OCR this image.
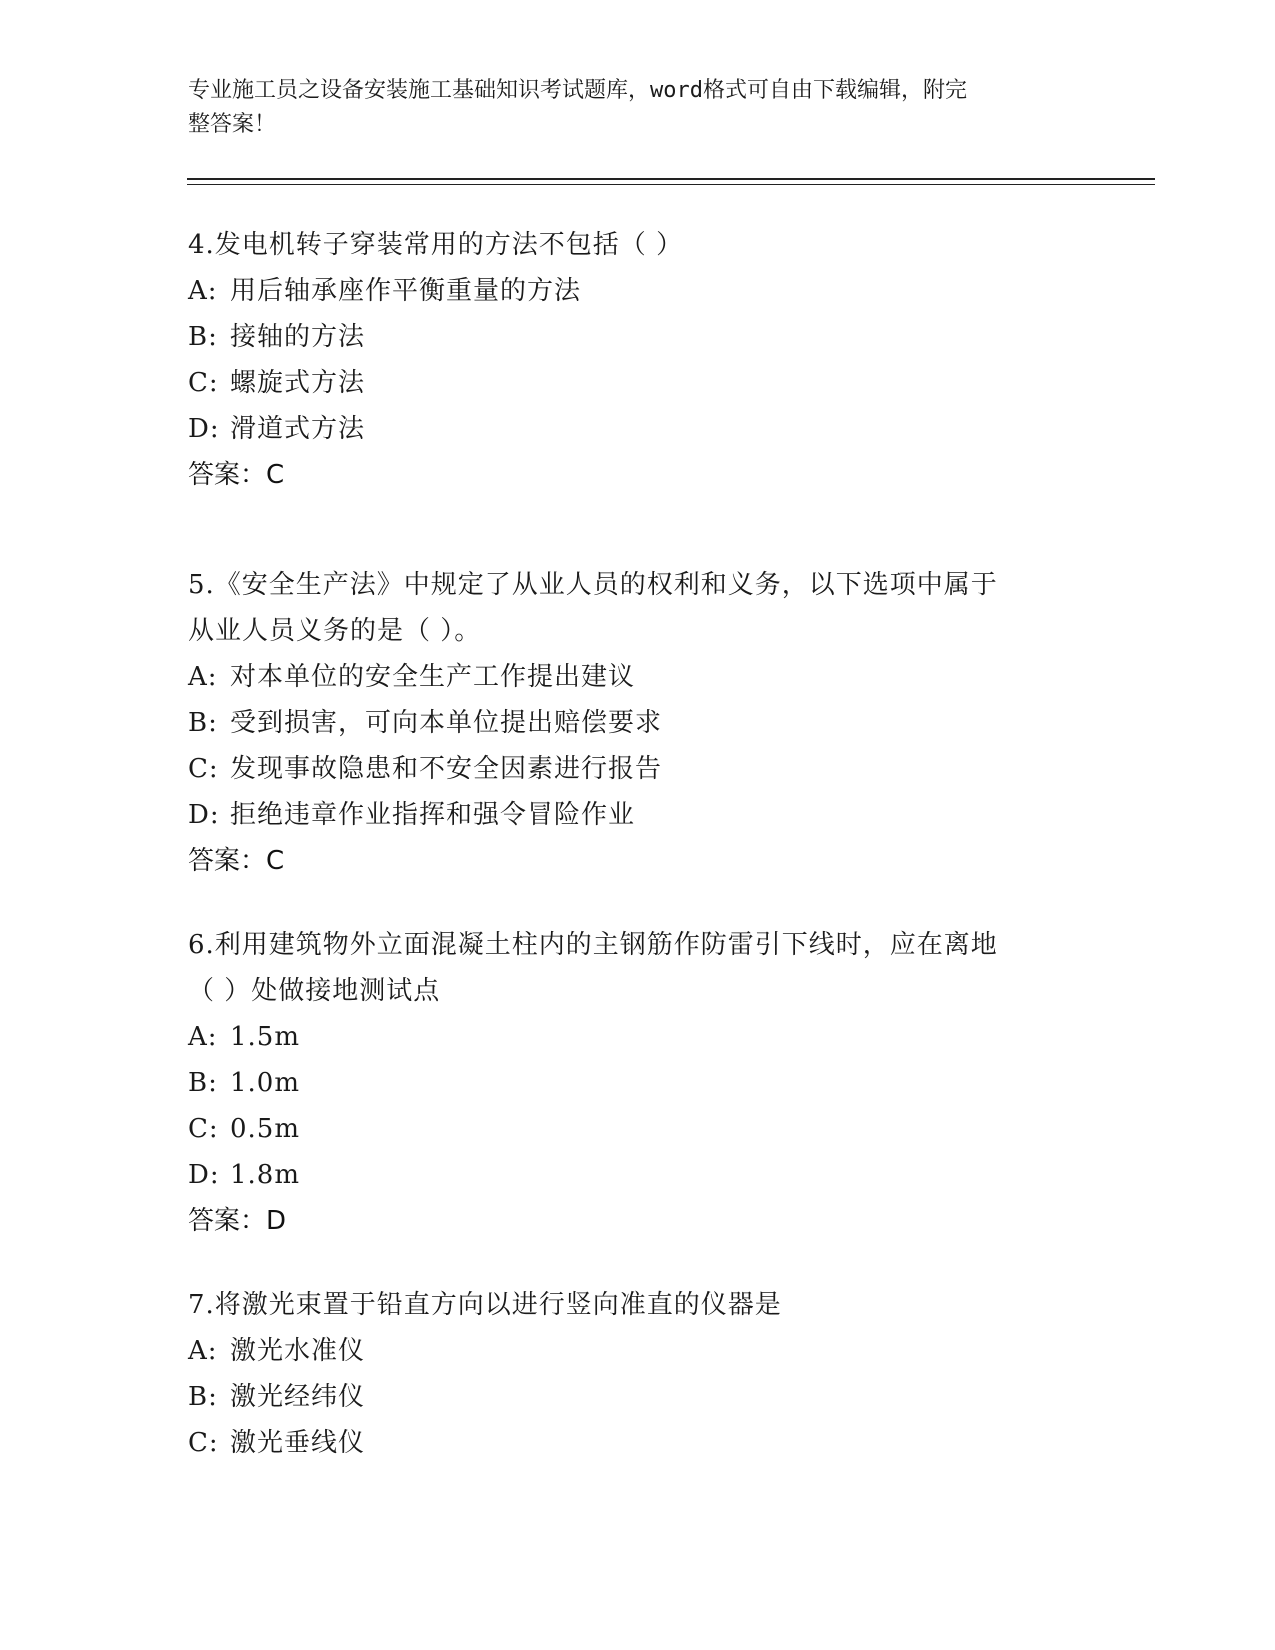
专业施工员之设备安装施工基础知识考试题库，word格式可自由下载编辑，附完
整答案！
4.发电机转子穿装常用的方法不包括（ ）
A: 用后轴承座作平衡重量的方法
B: 接轴的方法
C: 螺旋式方法
D: 滑道式方法
答案：C
5.《安全生产法》中规定了从业人员的权利和义务，以下选项中属于
从业人员义务的是（ ）。
A: 对本单位的安全生产工作提出建议
B: 受到损害，可向本单位提出赔偿要求
C: 发现事故隐患和不安全因素进行报告
D: 拒绝违章作业指挥和强令冒险作业
答案：C
6.利用建筑物外立面混凝土柱内的主钢筋作防雷引下线时，应在离地
（ ）处做接地测试点
A: 1.5m
B: 1.0m
C: 0.5m
D: 1.8m
答案：D
7.将激光束置于铅直方向以进行竖向准直的仪器是
A: 激光水准仪
B: 激光经纬仪
C: 激光垂线仪
